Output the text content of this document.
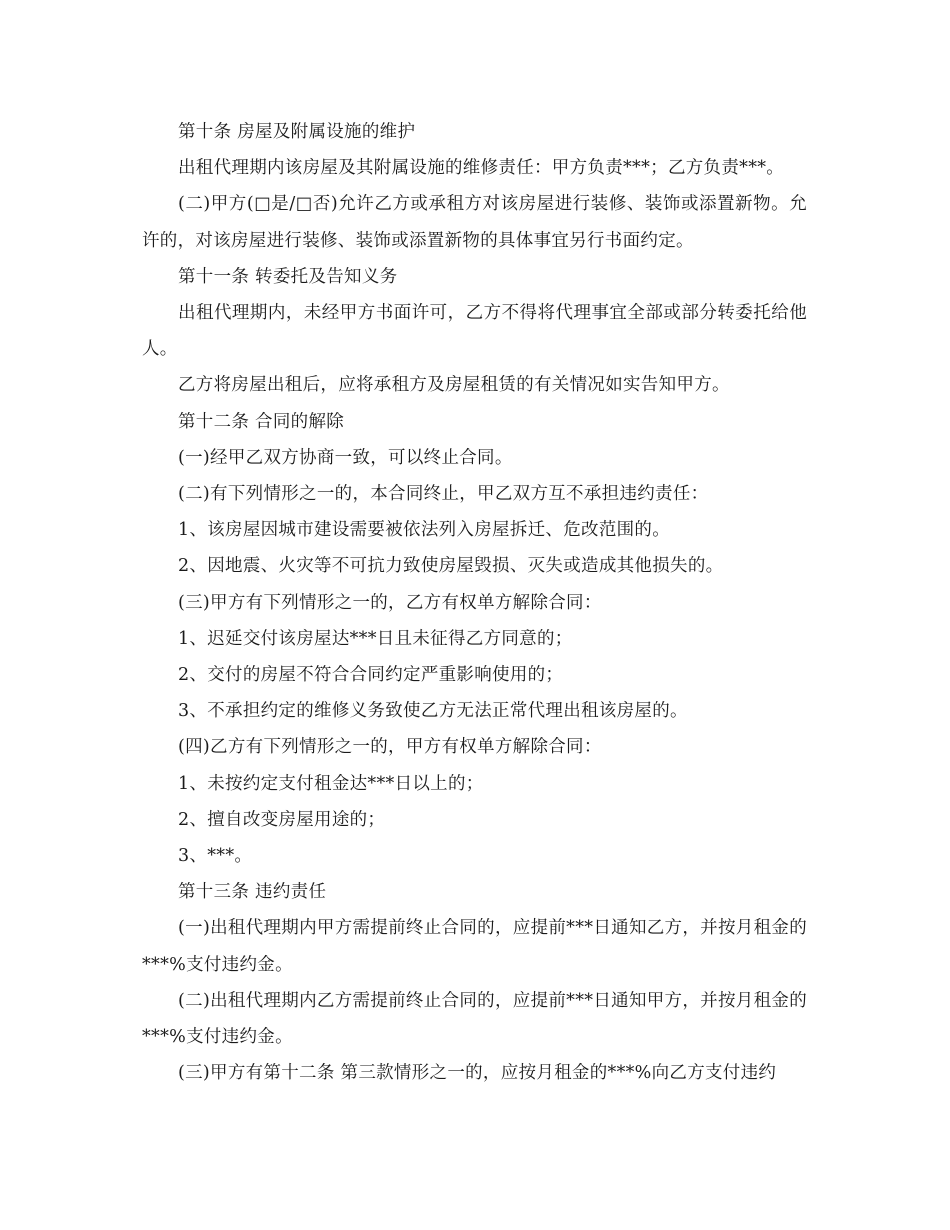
第十条 房屋及附属设施的维护

出租代理期内该房屋及其附属设施的维修责任：甲方负责***；乙方负责***。

(二)甲方(□是/□否)允许乙方或承租方对该房屋进行装修、装饰或添置新物。允许的，对该房屋进行装修、装饰或添置新物的具体事宜另行书面约定。

第十一条 转委托及告知义务

出租代理期内，未经甲方书面许可，乙方不得将代理事宜全部或部分转委托给他人。

乙方将房屋出租后，应将承租方及房屋租赁的有关情况如实告知甲方。

第十二条 合同的解除

(一)经甲乙双方协商一致，可以终止合同。

(二)有下列情形之一的，本合同终止，甲乙双方互不承担违约责任：

1、该房屋因城市建设需要被依法列入房屋拆迁、危改范围的。

2、因地震、火灾等不可抗力致使房屋毁损、灭失或造成其他损失的。

(三)甲方有下列情形之一的，乙方有权单方解除合同：

1、迟延交付该房屋达***日且未征得乙方同意的；

2、交付的房屋不符合合同约定严重影响使用的；

3、不承担约定的维修义务致使乙方无法正常代理出租该房屋的。

(四)乙方有下列情形之一的，甲方有权单方解除合同：

1、未按约定支付租金达***日以上的；

2、擅自改变房屋用途的；

3、***。

第十三条 违约责任

(一)出租代理期内甲方需提前终止合同的，应提前***日通知乙方，并按月租金的***%支付违约金。

(二)出租代理期内乙方需提前终止合同的，应提前***日通知甲方，并按月租金的***%支付违约金。

(三)甲方有第十二条 第三款情形之一的，应按月租金的***%向乙方支付违约
